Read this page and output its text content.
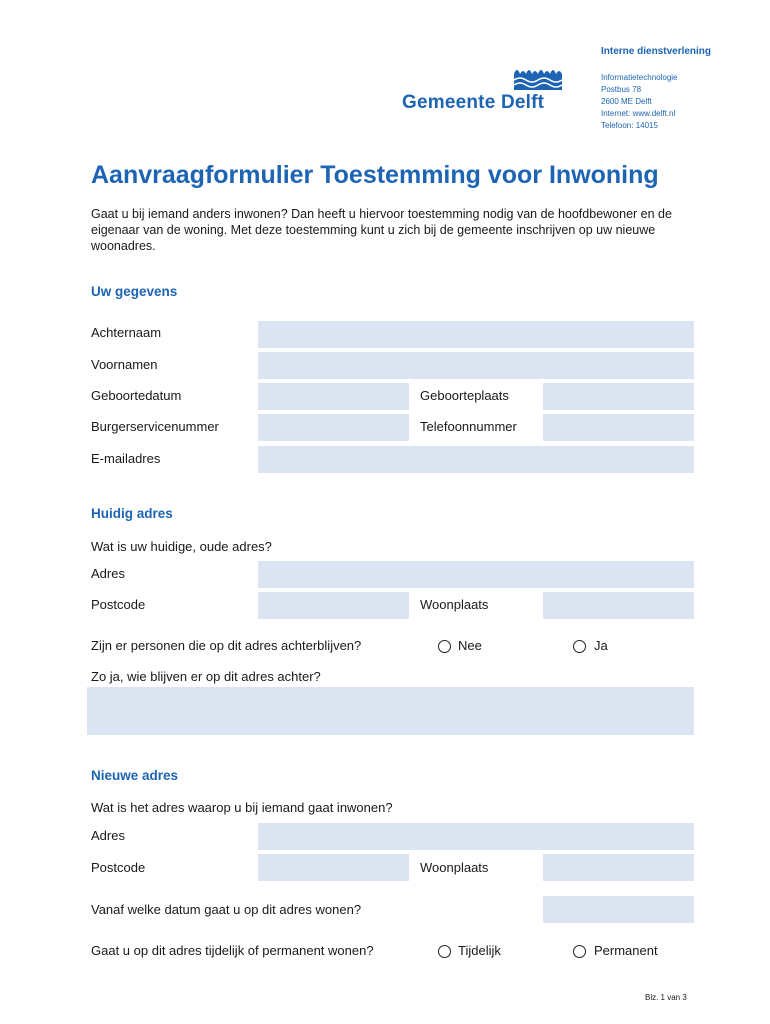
Interne dienstverlening
Gemeente Delft
Informatietechnologie
Postbus 78
2600 ME Delft
Internet: www.delft.nl
Telefoon: 14015
Aanvraagformulier Toestemming voor Inwoning
Gaat u bij iemand anders inwonen? Dan heeft u hiervoor toestemming nodig van de hoofdbewoner en de eigenaar van de woning. Met deze toestemming kunt u zich bij de gemeente inschrijven op uw nieuwe woonadres.
Uw gegevens
Achternaam
Voornamen
Geboortedatum	Geboorteplaats
Burgerservicenummer	Telefoonnummer
E-mailadres
Huidig adres
Wat is uw huidige, oude adres?
Adres
Postcode	Woonplaats
Zijn er personen die op dit adres achterblijven?	Nee	Ja
Zo ja, wie blijven er op dit adres achter?
Nieuwe adres
Wat is het adres waarop u bij iemand gaat inwonen?
Adres
Postcode	Woonplaats
Vanaf welke datum gaat u op dit adres wonen?
Gaat u op dit adres tijdelijk of permanent wonen?	Tijdelijk	Permanent
Blz. 1 van 3
